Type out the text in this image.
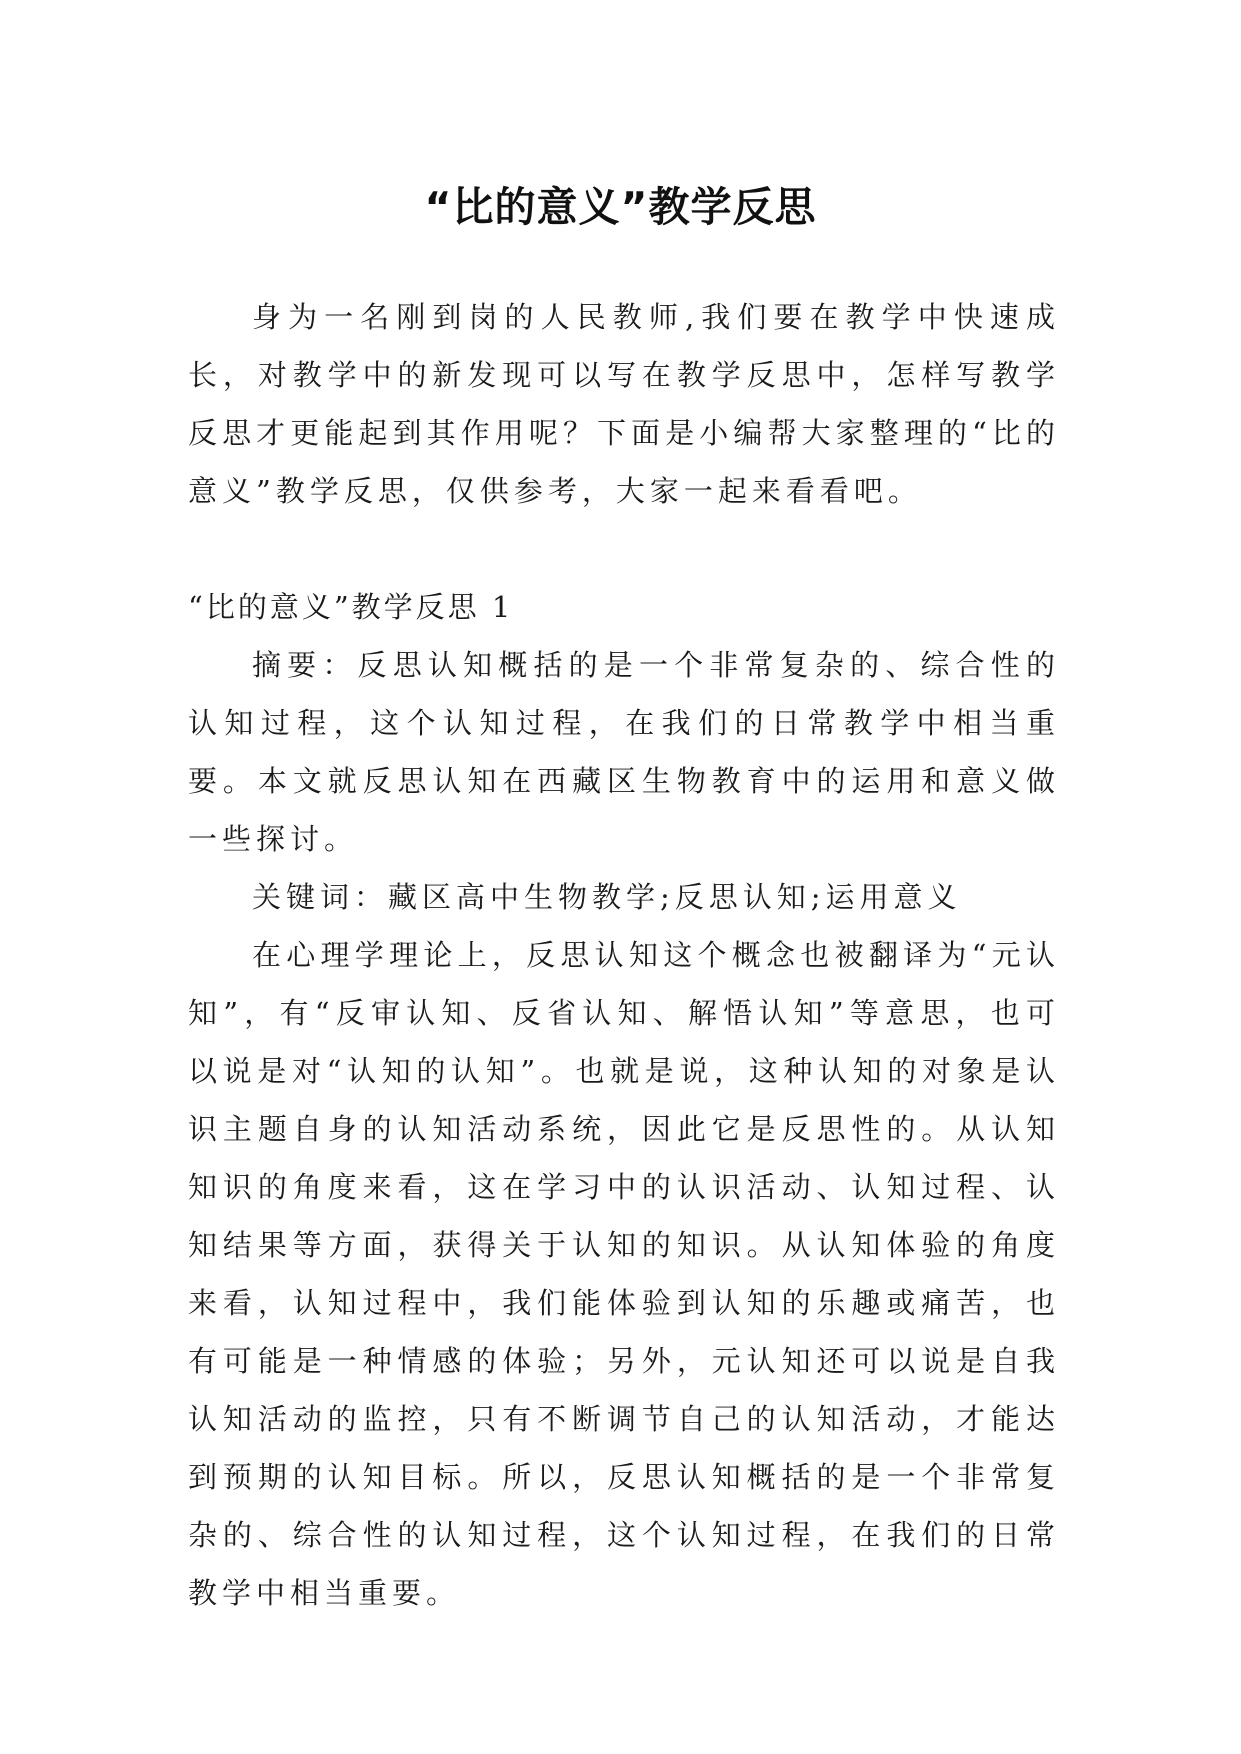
“比的意义”教学反思

身为一名刚到岗的人民教师,我们要在教学中快速成长，对教学中的新发现可以写在教学反思中，怎样写教学反思才更能起到其作用呢？下面是小编帮大家整理的“比的意义”教学反思，仅供参考，大家一起来看看吧。

“比的意义”教学反思 1

摘要：反思认知概括的是一个非常复杂的、综合性的认知过程，这个认知过程，在我们的日常教学中相当重要。本文就反思认知在西藏区生物教育中的运用和意义做一些探讨。

关键词：藏区高中生物教学;反思认知;运用意义

在心理学理论上，反思认知这个概念也被翻译为“元认知”，有“反审认知、反省认知、解悟认知”等意思，也可以说是对“认知的认知”。也就是说，这种认知的对象是认识主题自身的认知活动系统，因此它是反思性的。从认知知识的角度来看，这在学习中的认识活动、认知过程、认知结果等方面，获得关于认知的知识。从认知体验的角度来看，认知过程中，我们能体验到认知的乐趣或痛苦，也有可能是一种情感的体验；另外，元认知还可以说是自我认知活动的监控，只有不断调节自己的认知活动，才能达到预期的认知目标。所以，反思认知概括的是一个非常复杂的、综合性的认知过程，这个认知过程，在我们的日常教学中相当重要。
